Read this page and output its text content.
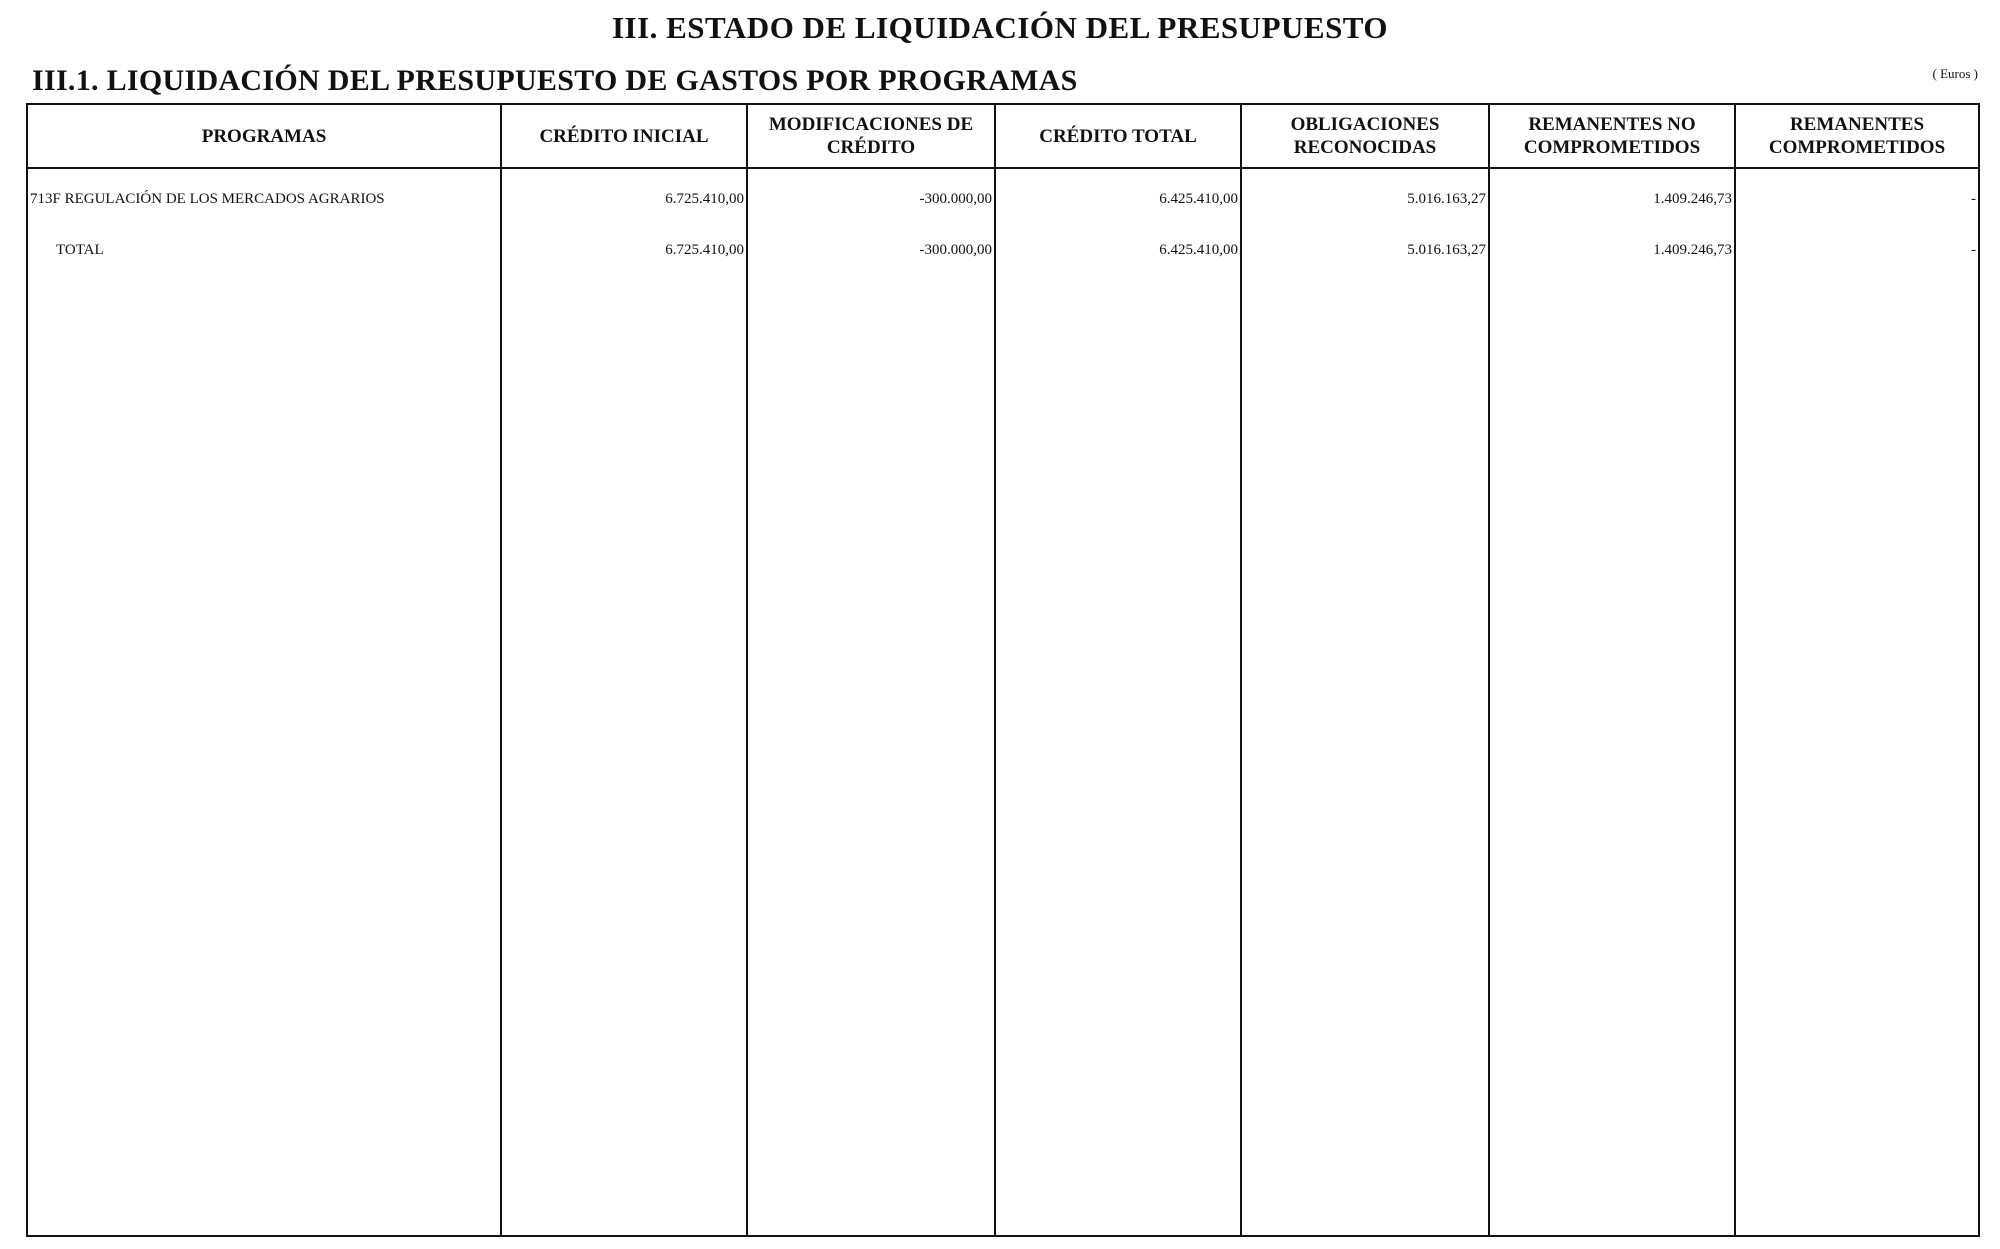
III. ESTADO DE LIQUIDACIÓN DEL PRESUPUESTO
III.1. LIQUIDACIÓN DEL PRESUPUESTO DE GASTOS POR PROGRAMAS	( Euros )
PROGRAMAS	CRÉDITO INICIAL	MODIFICACIONES DE CRÉDITO	CRÉDITO TOTAL	OBLIGACIONES RECONOCIDAS	REMANENTES NO COMPROMETIDOS	REMANENTES COMPROMETIDOS
713F REGULACIÓN DE LOS MERCADOS AGRARIOS	6.725.410,00	-300.000,00	6.425.410,00	5.016.163,27	1.409.246,73	-
TOTAL	6.725.410,00	-300.000,00	6.425.410,00	5.016.163,27	1.409.246,73	-
